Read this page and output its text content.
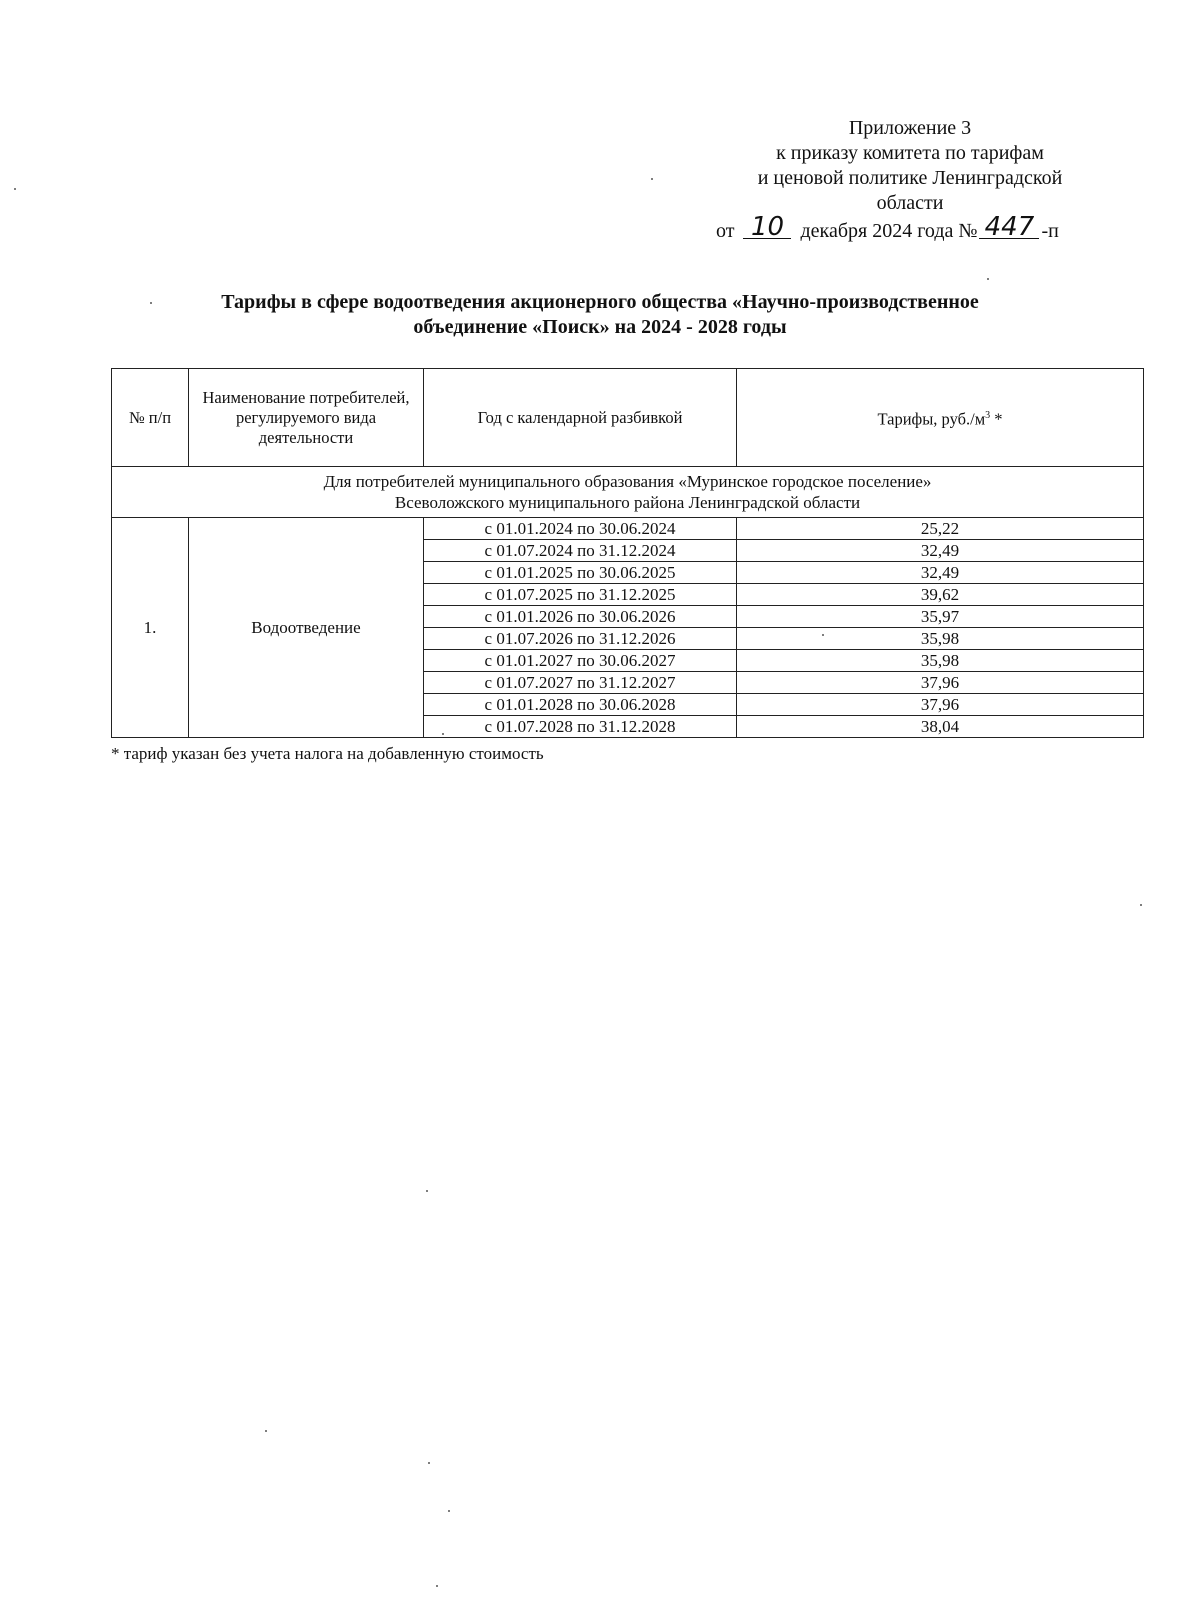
Приложение 3
к приказу комитета по тарифам
и ценовой политике Ленинградской
области
от 10 декабря 2024 года № 447 -п
Тарифы в сфере водоотведения акционерного общества «Научно-производственное
объединение «Поиск» на 2024 - 2028 годы
№ п/п	Наименование потребителей, регулируемого вида деятельности	Год с календарной разбивкой	Тарифы, $руб./м^3$ *
Для потребителей муниципального образования «Муринское городское поселение»
Всеволожского муниципального района Ленинградской области			
1.	Водоотведение	с 01.01.2024 по 30.06.2024	25,22
		с 01.07.2024 по 31.12.2024	32,49
		с 01.01.2025 по 30.06.2025	32,49
		с 01.07.2025 по 31.12.2025	39,62
		с 01.01.2026 по 30.06.2026	35,97
		с 01.07.2026 по 31.12.2026	35,98
		с 01.01.2027 по 30.06.2027	35,98
		с 01.07.2027 по 31.12.2027	37,96
		с 01.01.2028 по 30.06.2028	37,96
		с 01.07.2028 по 31.12.2028	38,04
* тариф указан без учета налога на добавленную стоимость
